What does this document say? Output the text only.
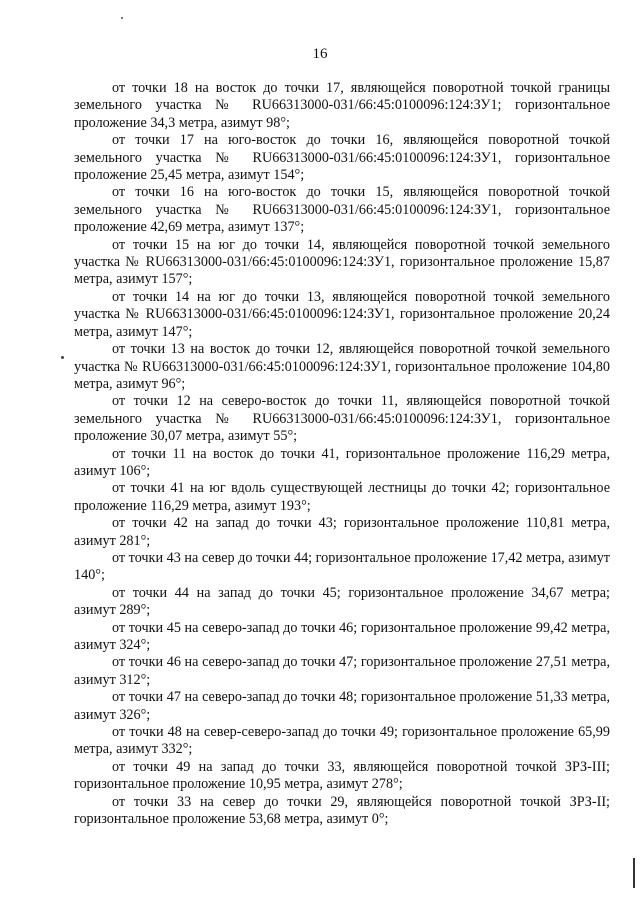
16

от точки 18 на восток до точки 17, являющейся поворотной точкой границы земельного участка № RU66313000-031/66:45:0100096:124:ЗУ1; горизонтальное проложение 34,3 метра, азимут 98°;

от точки 17 на юго-восток до точки 16, являющейся поворотной точкой земельного участка № RU66313000-031/66:45:0100096:124:ЗУ1, горизонтальное проложение 25,45 метра, азимут 154°;

от точки 16 на юго-восток до точки 15, являющейся поворотной точкой земельного участка № RU66313000-031/66:45:0100096:124:ЗУ1, горизонтальное проложение 42,69 метра, азимут 137°;

от точки 15 на юг до точки 14, являющейся поворотной точкой земельного участка № RU66313000-031/66:45:0100096:124:ЗУ1, горизонтальное проложение 15,87 метра, азимут 157°;

от точки 14 на юг до точки 13, являющейся поворотной точкой земельного участка № RU66313000-031/66:45:0100096:124:ЗУ1, горизонтальное проложение 20,24 метра, азимут 147°;

от точки 13 на восток до точки 12, являющейся поворотной точкой земельного участка № RU66313000-031/66:45:0100096:124:ЗУ1, горизонтальное проложение 104,80 метра, азимут 96°;

от точки 12 на северо-восток до точки 11, являющейся поворотной точкой земельного участка № RU66313000-031/66:45:0100096:124:ЗУ1, горизонтальное проложение 30,07 метра, азимут 55°;

от точки 11 на восток до точки 41, горизонтальное проложение 116,29 метра, азимут 106°;

от точки 41 на юг вдоль существующей лестницы до точки 42; горизонтальное проложение 116,29 метра, азимут 193°;

от точки 42 на запад до точки 43; горизонтальное проложение 110,81 метра, азимут 281°;

от точки 43 на север до точки 44; горизонтальное проложение 17,42 метра, азимут 140°;

от точки 44 на запад до точки 45; горизонтальное проложение 34,67 метра; азимут 289°;

от точки 45 на северо-запад до точки 46; горизонтальное проложение 99,42 метра, азимут 324°;

от точки 46 на северо-запад до точки 47; горизонтальное проложение 27,51 метра, азимут 312°;

от точки 47 на северо-запад до точки 48; горизонтальное проложение 51,33 метра, азимут 326°;

от точки 48 на север-северо-запад до точки 49; горизонтальное проложение 65,99 метра, азимут 332°;

от точки 49 на запад до точки 33, являющейся поворотной точкой ЗРЗ-III; горизонтальное проложение 10,95 метра, азимут 278°;

от точки 33 на север до точки 29, являющейся поворотной точкой ЗРЗ-II; горизонтальное проложение 53,68 метра, азимут 0°;
